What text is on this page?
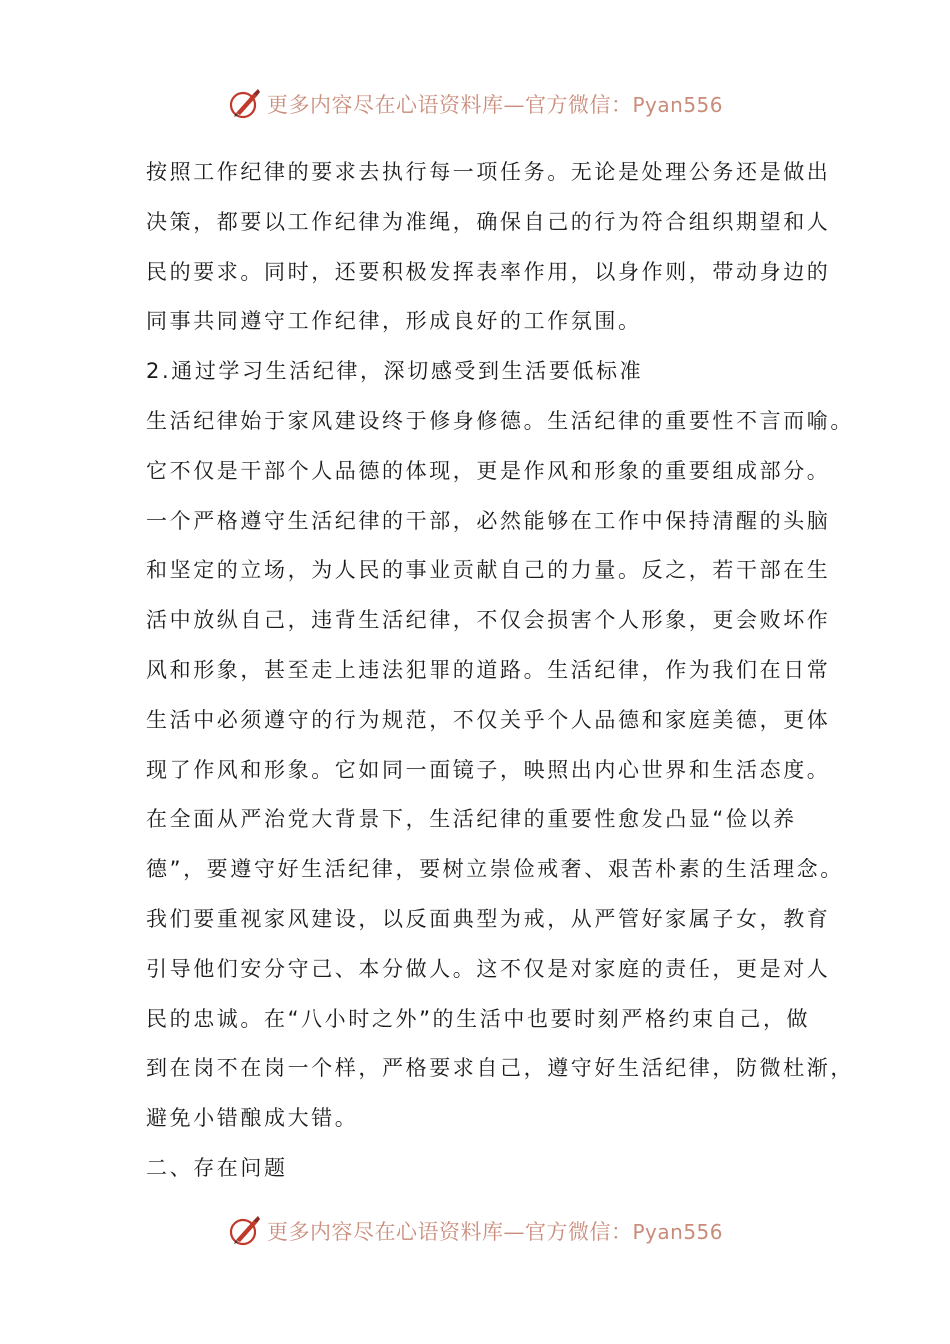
更多内容尽在心语资料库—官方微信：Pyan556
按照工作纪律的要求去执行每一项任务。无论是处理公务还是做出
决策，都要以工作纪律为准绳，确保自己的行为符合组织期望和人
民的要求。同时，还要积极发挥表率作用，以身作则，带动身边的
同事共同遵守工作纪律，形成良好的工作氛围。
2.通过学习生活纪律，深切感受到生活要低标准
生活纪律始于家风建设终于修身修德。生活纪律的重要性不言而喻。
它不仅是干部个人品德的体现，更是作风和形象的重要组成部分。
一个严格遵守生活纪律的干部，必然能够在工作中保持清醒的头脑
和坚定的立场，为人民的事业贡献自己的力量。反之，若干部在生
活中放纵自己，违背生活纪律，不仅会损害个人形象，更会败坏作
风和形象，甚至走上违法犯罪的道路。生活纪律，作为我们在日常
生活中必须遵守的行为规范，不仅关乎个人品德和家庭美德，更体
现了作风和形象。它如同一面镜子，映照出内心世界和生活态度。
在全面从严治党大背景下，生活纪律的重要性愈发凸显“俭以养
德”，要遵守好生活纪律，要树立崇俭戒奢、艰苦朴素的生活理念。
我们要重视家风建设，以反面典型为戒，从严管好家属子女，教育
引导他们安分守己、本分做人。这不仅是对家庭的责任，更是对人
民的忠诚。在“八小时之外”的生活中也要时刻严格约束自己，做
到在岗不在岗一个样，严格要求自己，遵守好生活纪律，防微杜渐，
避免小错酿成大错。
二、存在问题
更多内容尽在心语资料库—官方微信：Pyan556
